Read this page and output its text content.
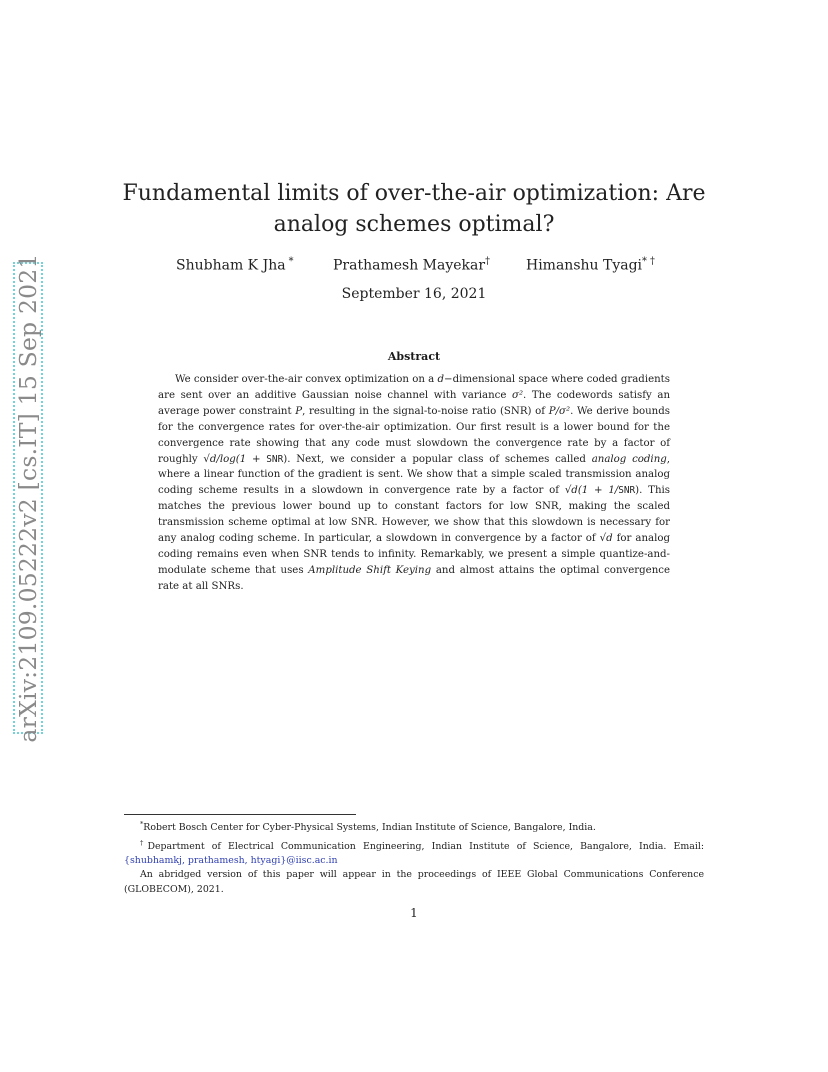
arXiv:2109.05222v2 [cs.IT] 15 Sep 2021
Fundamental limits of over-the-air optimization: Are analog schemes optimal?
Shubham K Jha *	Prathamesh Mayekar†	Himanshu Tyagi* †
September 16, 2021
Abstract
We consider over-the-air convex optimization on a d−dimensional space where coded gradients are sent over an additive Gaussian noise channel with variance σ². The codewords satisfy an average power constraint P, resulting in the signal-to-noise ratio (SNR) of P/σ². We derive bounds for the convergence rates for over-the-air optimization. Our first result is a lower bound for the convergence rate showing that any code must slowdown the convergence rate by a factor of roughly √d/log(1 + SNR). Next, we consider a popular class of schemes called analog coding, where a linear function of the gradient is sent. We show that a simple scaled transmission analog coding scheme results in a slowdown in convergence rate by a factor of √d(1 + 1/SNR). This matches the previous lower bound up to constant factors for low SNR, making the scaled transmission scheme optimal at low SNR. However, we show that this slowdown is necessary for any analog coding scheme. In particular, a slowdown in convergence by a factor of √d for analog coding remains even when SNR tends to infinity. Remarkably, we present a simple quantize-and-modulate scheme that uses Amplitude Shift Keying and almost attains the optimal convergence rate at all SNRs.
*Robert Bosch Center for Cyber-Physical Systems, Indian Institute of Science, Bangalore, India.
†Department of Electrical Communication Engineering, Indian Institute of Science, Bangalore, India. Email: {shubhamkj, prathamesh, htyagi}@iisc.ac.in
An abridged version of this paper will appear in the proceedings of IEEE Global Communications Conference (GLOBECOM), 2021.
1
